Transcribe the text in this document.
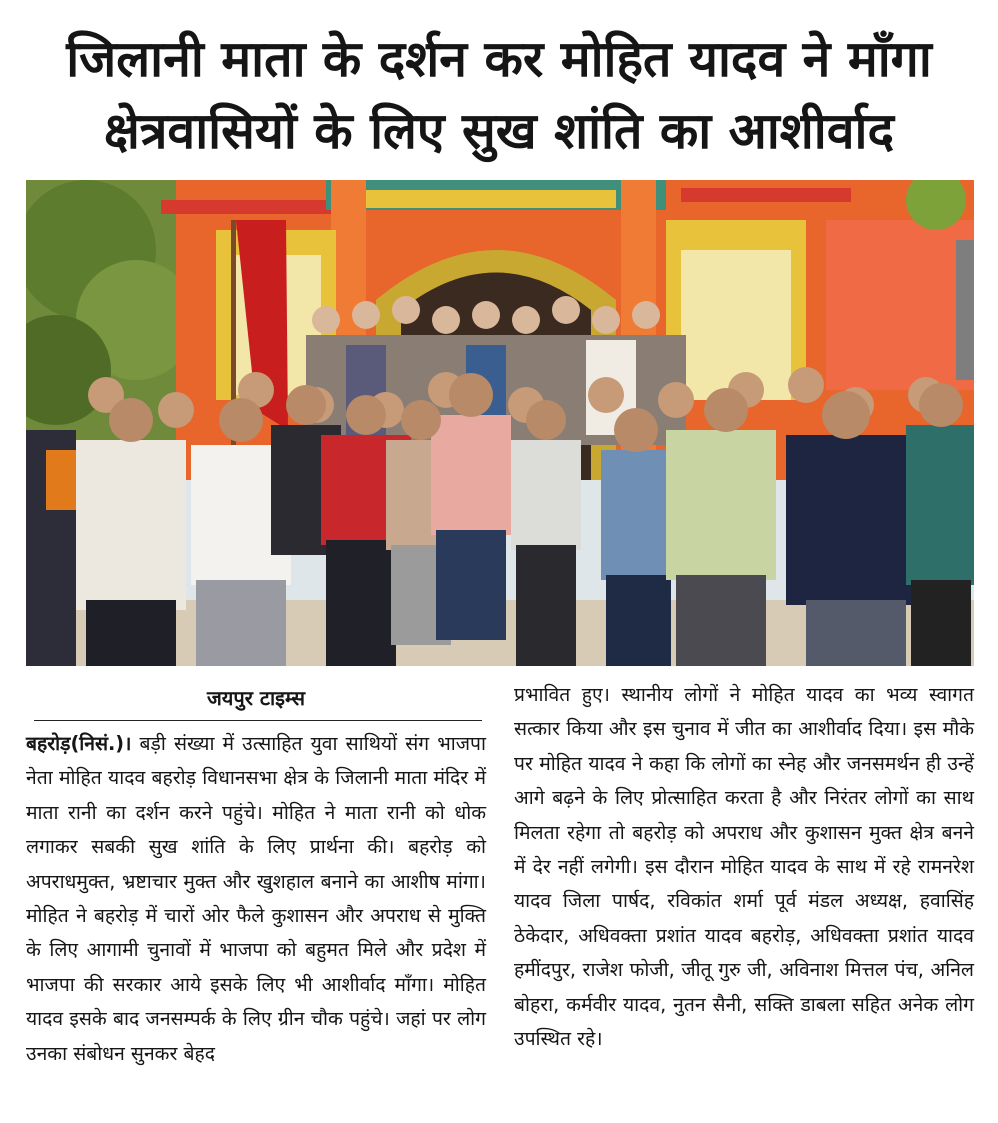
जिलानी माता के दर्शन कर मोहित यादव ने माँगा
क्षेत्रवासियों के लिए सुख शांति का आशीर्वाद
जयपुर टाइम्स

बहरोड़(निसं.)। बड़ी संख्या में उत्साहित युवा साथियों संग भाजपा नेता मोहित यादव बहरोड़ विधानसभा क्षेत्र के जिलानी माता मंदिर में माता रानी का दर्शन करने पहुंचे। मोहित ने माता रानी को धोक लगाकर सबकी सुख शांति के लिए प्रार्थना की। बहरोड़ को अपराधमुक्त, भ्रष्टाचार मुक्त और खुशहाल बनाने का आशीष मांगा। मोहित ने बहरोड़ में चारों ओर फैले कुशासन और अपराध से मुक्ति के लिए आगामी चुनावों में भाजपा को बहुमत मिले और प्रदेश में भाजपा की सरकार आये इसके लिए भी आशीर्वाद माँगा। मोहित यादव इसके बाद जनसम्पर्क के लिए ग्रीन चौक पहुंचे। जहां पर लोग उनका संबोधन सुनकर बेहद

प्रभावित हुए। स्थानीय लोगों ने मोहित यादव का भव्य स्वागत सत्कार किया और इस चुनाव में जीत का आशीर्वाद दिया। इस मौके पर मोहित यादव ने कहा कि लोगों का स्नेह और जनसमर्थन ही उन्हें आगे बढ़ने के लिए प्रोत्साहित करता है और निरंतर लोगों का साथ मिलता रहेगा तो बहरोड़ को अपराध और कुशासन मुक्त क्षेत्र बनने में देर नहीं लगेगी। इस दौरान मोहित यादव के साथ में रहे रामनरेश यादव जिला पार्षद, रविकांत शर्मा पूर्व मंडल अध्यक्ष, हवासिंह ठेकेदार, अधिवक्ता प्रशांत यादव बहरोड़, अधिवक्ता प्रशांत यादव हमींदपुर, राजेश फोजी, जीतू गुरु जी, अविनाश मित्तल पंच, अनिल बोहरा, कर्मवीर यादव, नुतन सैनी, सक्ति डाबला सहित अनेक लोग उपस्थित रहे।
